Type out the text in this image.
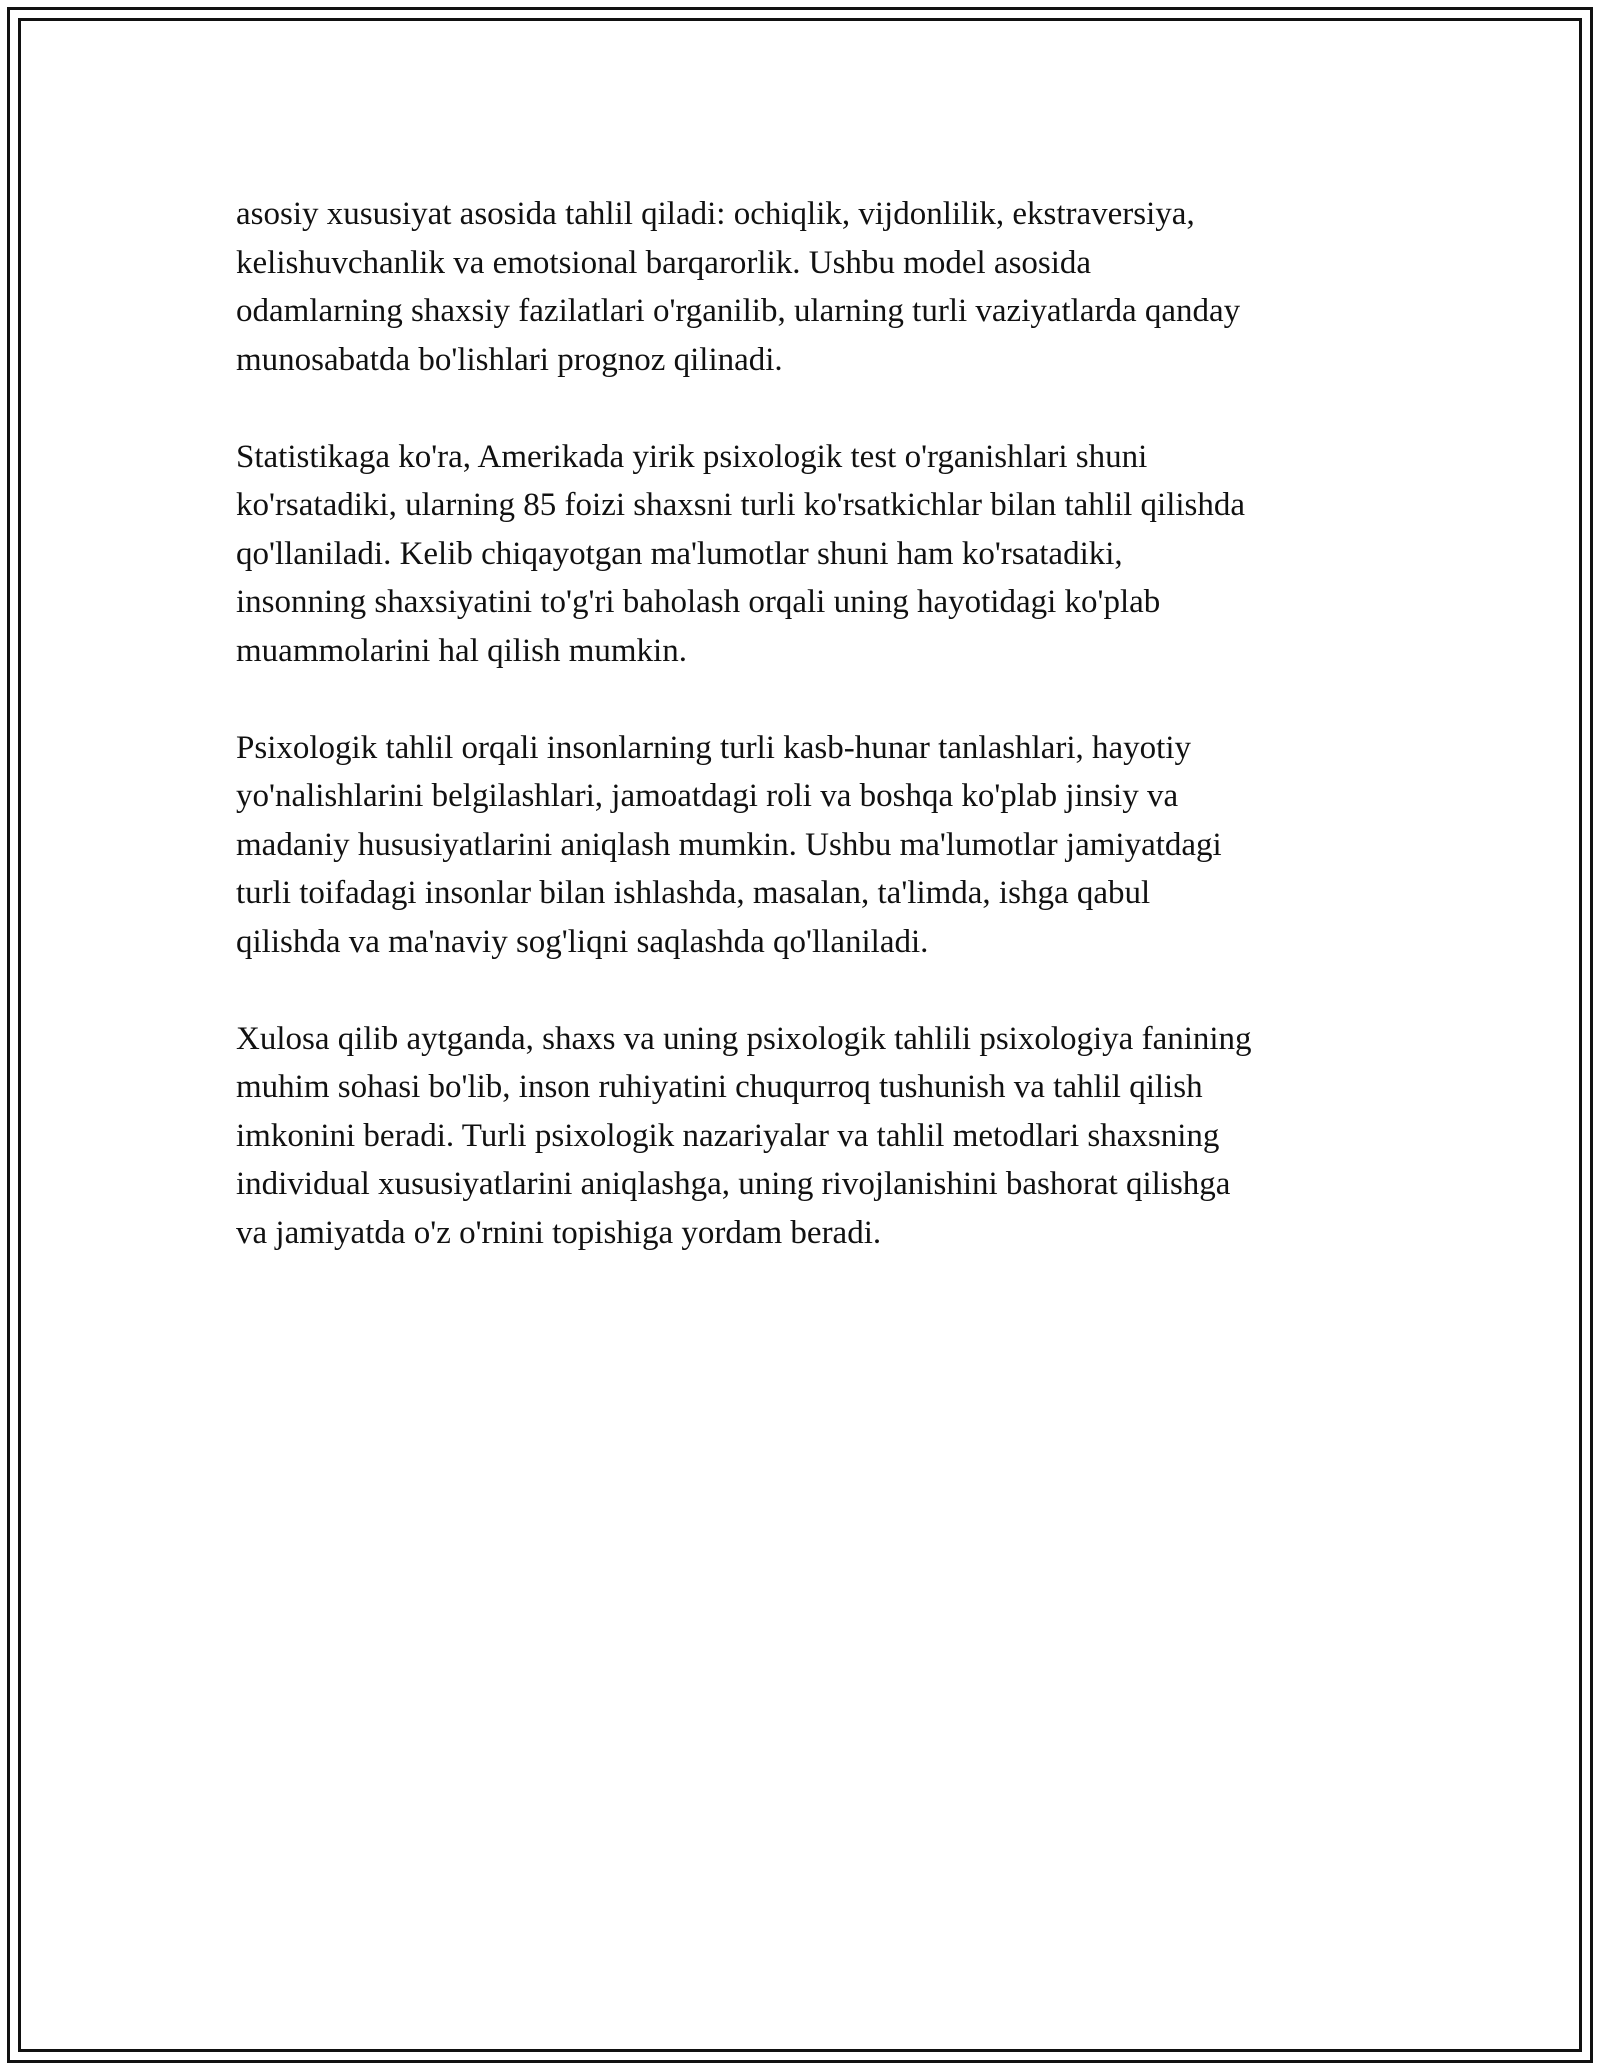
asosiy xususiyat asosida tahlil qiladi: ochiqlik, vijdonlilik, ekstraversiya,
kelishuvchanlik va emotsional barqarorlik. Ushbu model asosida
odamlarning shaxsiy fazilatlari o'rganilib, ularning turli vaziyatlarda qanday
munosabatda bo'lishlari prognoz qilinadi.

Statistikaga ko'ra, Amerikada yirik psixologik test o'rganishlari shuni
ko'rsatadiki, ularning 85 foizi shaxsni turli ko'rsatkichlar bilan tahlil qilishda
qo'llaniladi. Kelib chiqayotgan ma'lumotlar shuni ham ko'rsatadiki,
insonning shaxsiyatini to'g'ri baholash orqali uning hayotidagi ko'plab
muammolarini hal qilish mumkin.

Psixologik tahlil orqali insonlarning turli kasb-hunar tanlashlari, hayotiy
yo'nalishlarini belgilashlari, jamoatdagi roli va boshqa ko'plab jinsiy va
madaniy hususiyatlarini aniqlash mumkin. Ushbu ma'lumotlar jamiyatdagi
turli toifadagi insonlar bilan ishlashda, masalan, ta'limda, ishga qabul
qilishda va ma'naviy sog'liqni saqlashda qo'llaniladi.

Xulosa qilib aytganda, shaxs va uning psixologik tahlili psixologiya fanining
muhim sohasi bo'lib, inson ruhiyatini chuqurroq tushunish va tahlil qilish
imkonini beradi. Turli psixologik nazariyalar va tahlil metodlari shaxsning
individual xususiyatlarini aniqlashga, uning rivojlanishini bashorat qilishga
va jamiyatda o'z o'rnini topishiga yordam beradi.
